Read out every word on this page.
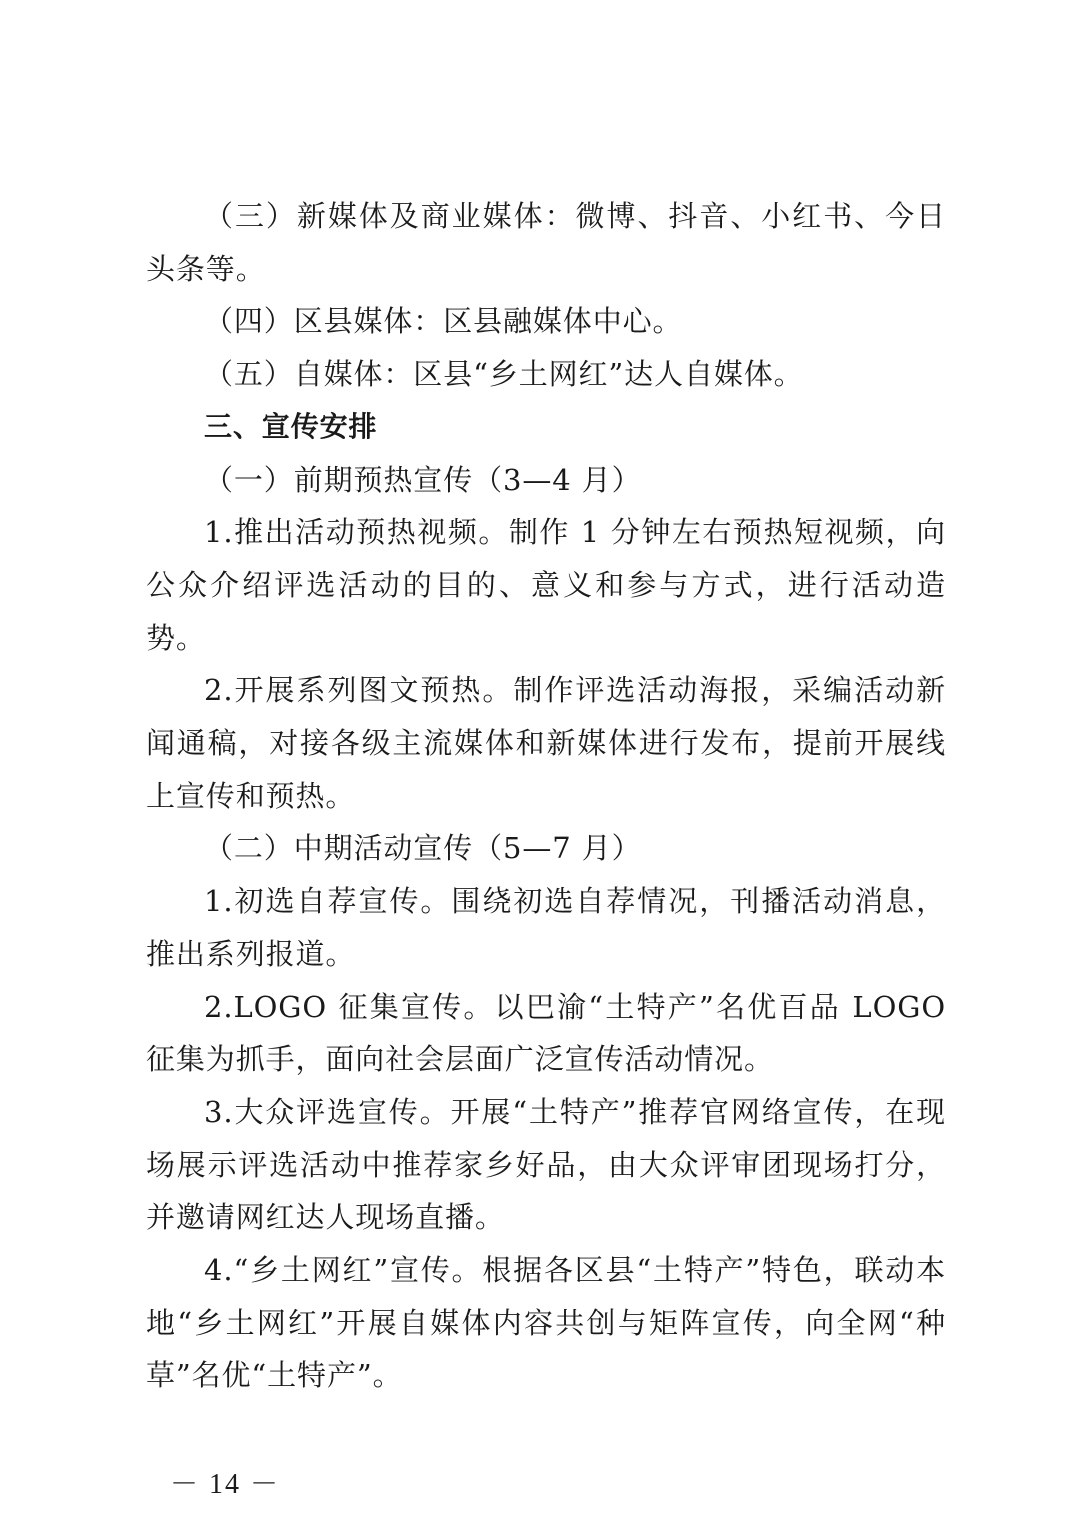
（三）新媒体及商业媒体：微博、抖音、小红书、今日头条等。

（四）区县媒体：区县融媒体中心。

（五）自媒体：区县“乡土网红”达人自媒体。

三、宣传安排

（一）前期预热宣传（3—4 月）

1.推出活动预热视频。制作 1 分钟左右预热短视频，向公众介绍评选活动的目的、意义和参与方式，进行活动造势。

2.开展系列图文预热。制作评选活动海报，采编活动新闻通稿，对接各级主流媒体和新媒体进行发布，提前开展线上宣传和预热。

（二）中期活动宣传（5—7 月）

1.初选自荐宣传。围绕初选自荐情况，刊播活动消息，推出系列报道。

2.LOGO 征集宣传。以巴渝“土特产”名优百品 LOGO 征集为抓手，面向社会层面广泛宣传活动情况。

3.大众评选宣传。开展“土特产”推荐官网络宣传，在现场展示评选活动中推荐家乡好品，由大众评审团现场打分，并邀请网红达人现场直播。

4.“乡土网红”宣传。根据各区县“土特产”特色，联动本地“乡土网红”开展自媒体内容共创与矩阵宣传，向全网“种草”名优“土特产”。

－ 14 －
